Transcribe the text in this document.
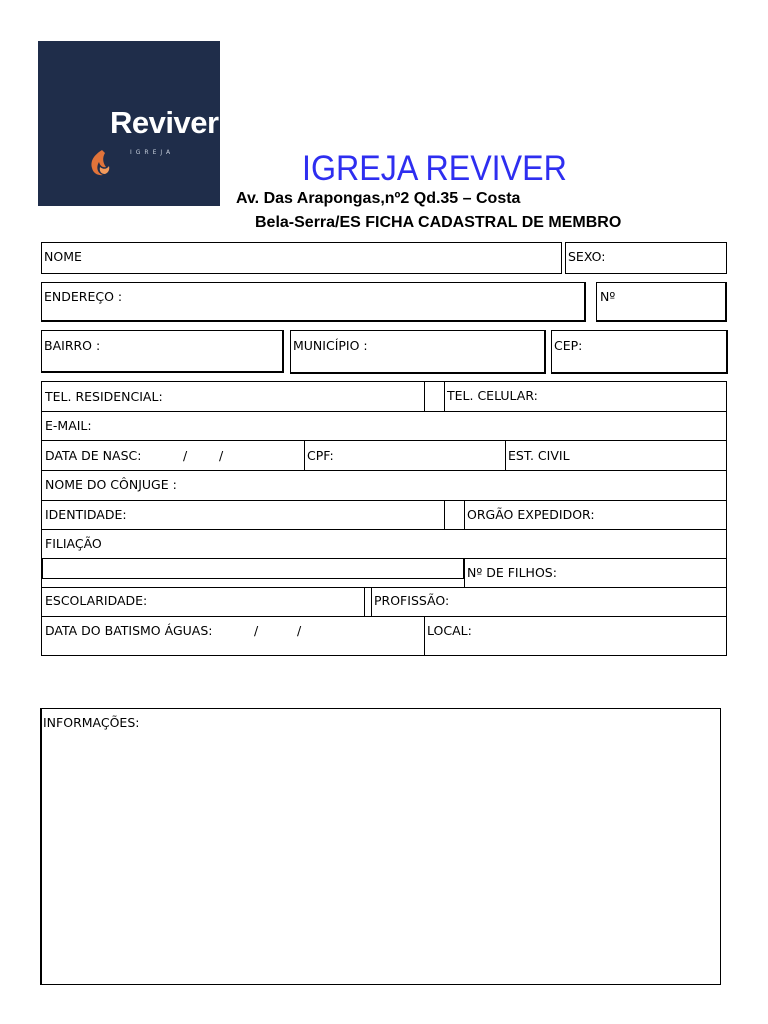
IGREJA
Reviver
IGREJA REVIVER
Av. Das Arapongas,nº2 Qd.35 – Costa
Bela-Serra/ES FICHA CADASTRAL DE MEMBRO
NOME	SEXO:
ENDEREÇO :	Nº
BAIRRO :	MUNICÍPIO :	CEP:
TEL. RESIDENCIAL:	TEL. CELULAR:
E-MAIL:
DATA DE NASC:	/	/	CPF:	EST. CIVIL
NOME DO CÔNJUGE :
IDENTIDADE:	ORGÃO EXPEDIDOR:
FILIAÇÃO
Nº DE FILHOS:
ESCOLARIDADE:	PROFISSÃO:
DATA DO BATISMO ÁGUAS:	/	/	LOCAL:
INFORMAÇÕES:
